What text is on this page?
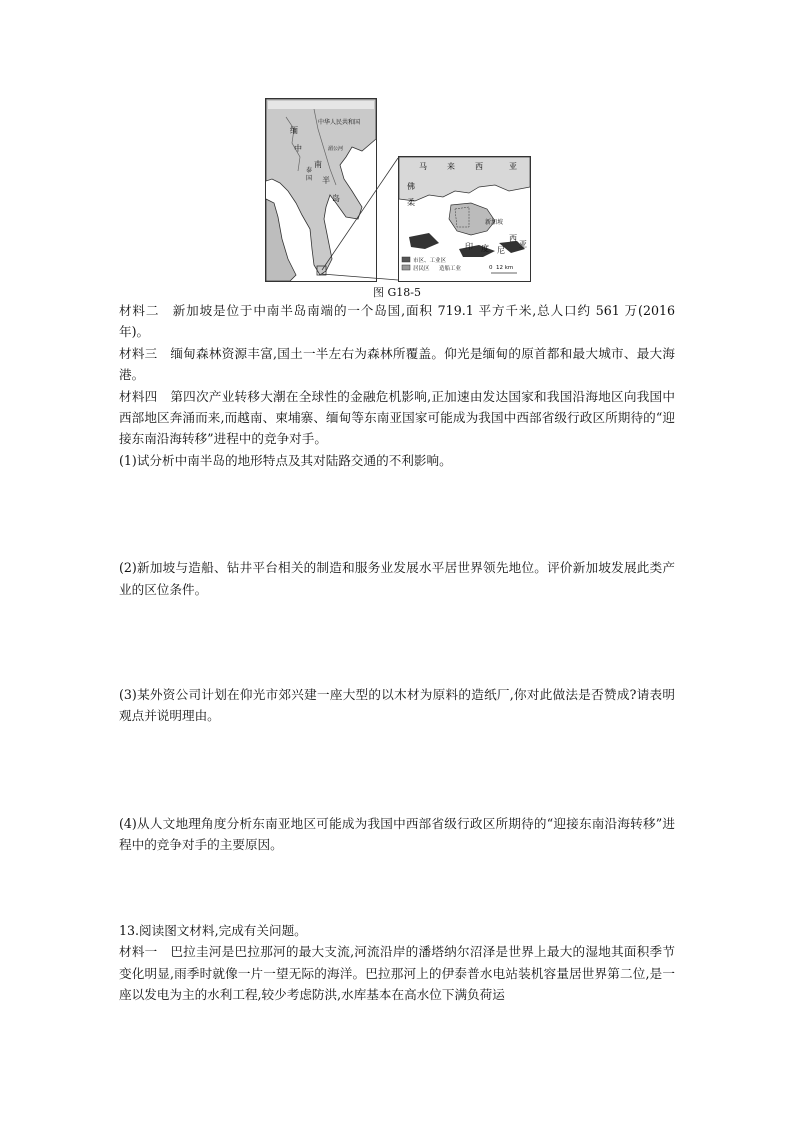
中华人民共和国
缅
中
南
半
岛
泰
国
湄公河
马	来	西	亚
佛
柔
新加坡
印 度 尼
西
亚
市区、工业区
居民区 造船工业	0  12 km
图 G18-5

材料二　新加坡是位于中南半岛南端的一个岛国,面积 719.1 平方千米,总人口约 561 万(2016 年)。

材料三　缅甸森林资源丰富,国土一半左右为森林所覆盖。仰光是缅甸的原首都和最大城市、最大海港。

材料四　第四次产业转移大潮在全球性的金融危机影响,正加速由发达国家和我国沿海地区向我国中西部地区奔涌而来,而越南、柬埔寨、缅甸等东南亚国家可能成为我国中西部省级行政区所期待的“迎接东南沿海转移”进程中的竞争对手。

(1)试分析中南半岛的地形特点及其对陆路交通的不利影响。

(2)新加坡与造船、钻井平台相关的制造和服务业发展水平居世界领先地位。评价新加坡发展此类产业的区位条件。

(3)某外资公司计划在仰光市郊兴建一座大型的以木材为原料的造纸厂,你对此做法是否赞成?请表明观点并说明理由。

(4)从人文地理角度分析东南亚地区可能成为我国中西部省级行政区所期待的“迎接东南沿海转移”进程中的竞争对手的主要原因。

13.阅读图文材料,完成有关问题。

材料一　巴拉圭河是巴拉那河的最大支流,河流沿岸的潘塔纳尔沼泽是世界上最大的湿地其面积季节变化明显,雨季时就像一片一望无际的海洋。巴拉那河上的伊泰普水电站装机容量居世界第二位,是一座以发电为主的水利工程,较少考虑防洪,水库基本在高水位下满负荷运
